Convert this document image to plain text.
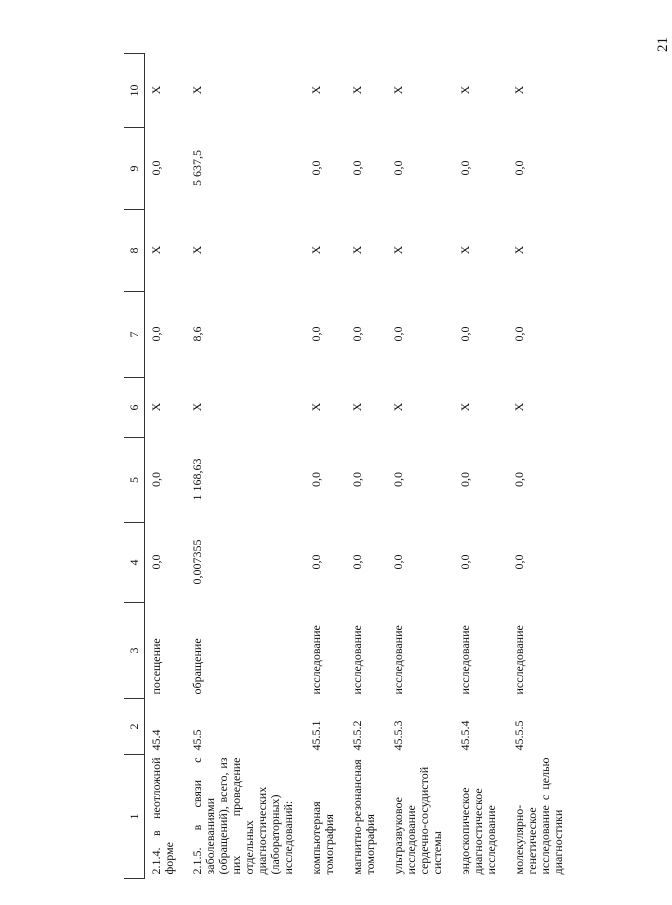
21
1	2	3	4	5	6	7	8	9	10
2.1.4. в неотложной форме	45.4	посещение	0,0	0,0	Х	0,0	Х	0,0	Х
2.1.5. в связи с заболеваниями (обращений), всего, из них проведение отдельных диагностических (лабораторных) исследований:	45.5	обращение	0,007355	1 168,63	Х	8,6	Х	5 637,5	Х
компьютерная томография	45.5.1	исследование	0,0	0,0	Х	0,0	Х	0,0	Х
магнитно-резонансная томография	45.5.2	исследование	0,0	0,0	Х	0,0	Х	0,0	Х
ультразвуковое исследование сердечно-сосудистой системы	45.5.3	исследование	0,0	0,0	Х	0,0	Х	0,0	Х
эндоскопическое диагностическое исследование	45.5.4	исследование	0,0	0,0	Х	0,0	Х	0,0	Х
молекулярно-генетическое исследование с целью диагностики	45.5.5	исследование	0,0	0,0	Х	0,0	Х	0,0	Х
